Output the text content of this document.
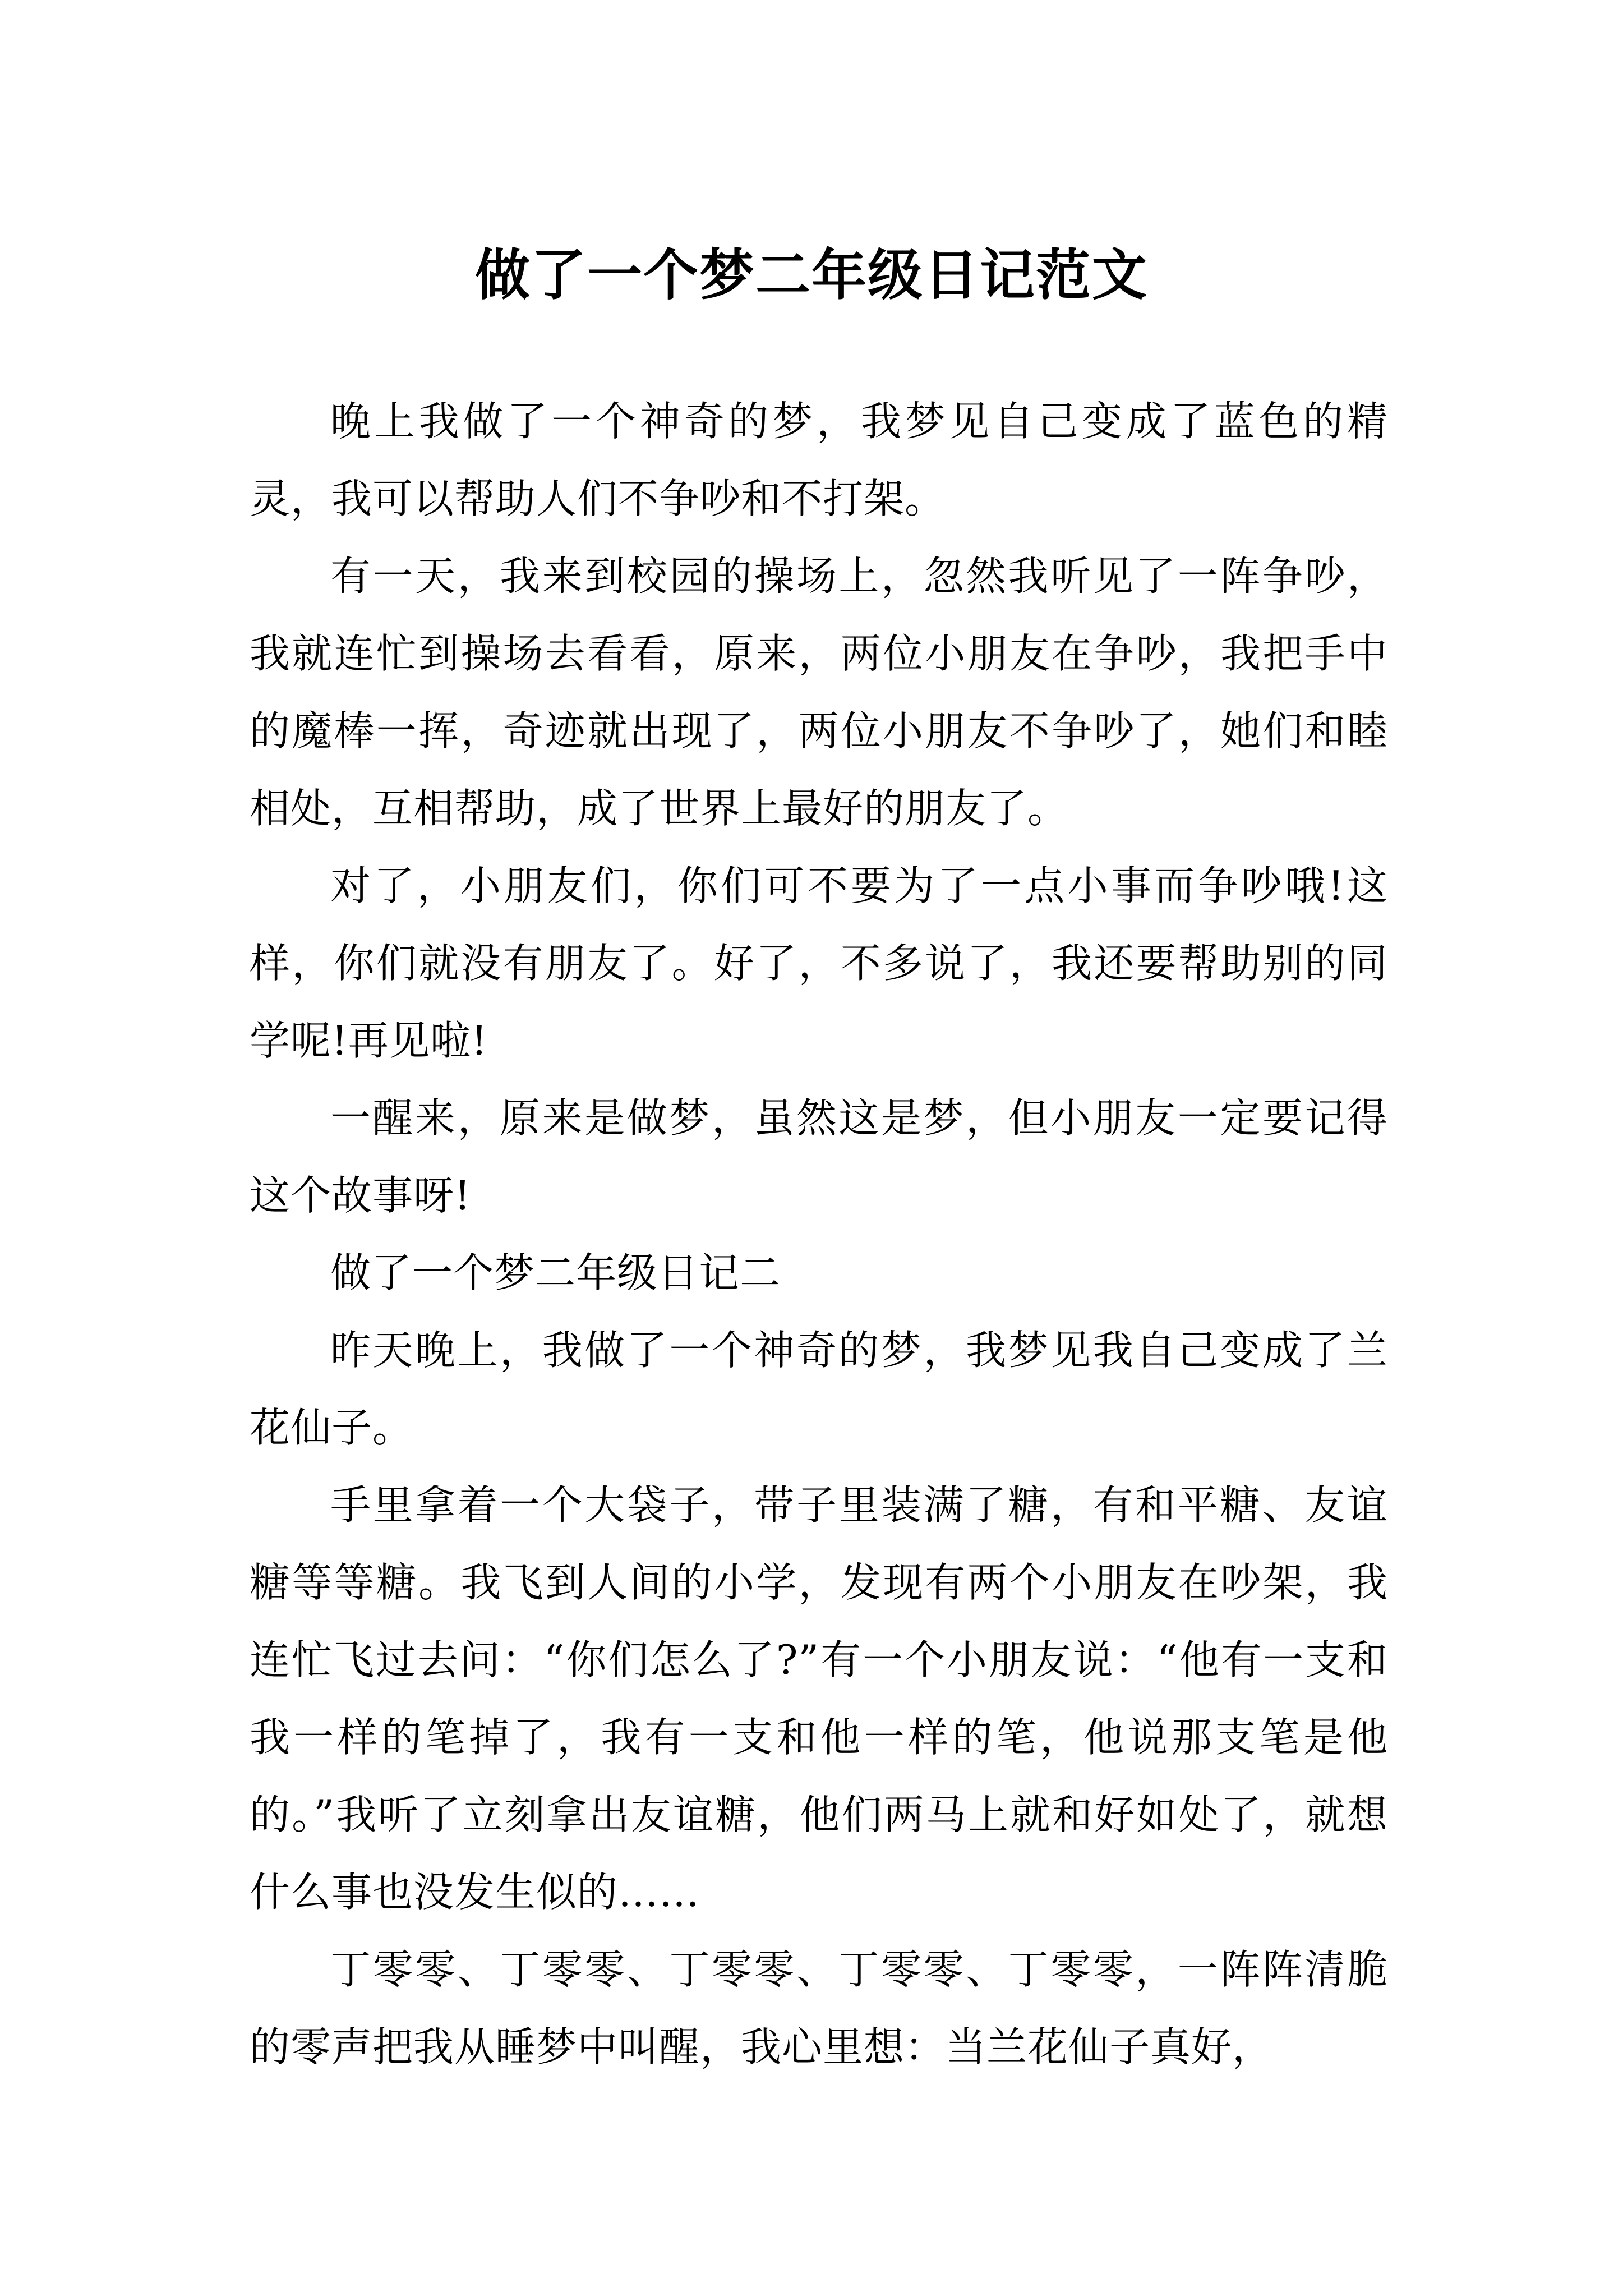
做了一个梦二年级日记范文

晚上我做了一个神奇的梦，我梦见自己变成了蓝色的精灵，我可以帮助人们不争吵和不打架。

有一天，我来到校园的操场上，忽然我听见了一阵争吵，我就连忙到操场去看看，原来，两位小朋友在争吵，我把手中的魔棒一挥，奇迹就出现了，两位小朋友不争吵了，她们和睦相处，互相帮助，成了世界上最好的朋友了。

对了，小朋友们，你们可不要为了一点小事而争吵哦!这样，你们就没有朋友了。好了，不多说了，我还要帮助别的同学呢!再见啦!

一醒来，原来是做梦，虽然这是梦，但小朋友一定要记得这个故事呀!

做了一个梦二年级日记二

昨天晚上，我做了一个神奇的梦，我梦见我自己变成了兰花仙子。

手里拿着一个大袋子，带子里装满了糖，有和平糖、友谊糖等等糖。我飞到人间的小学，发现有两个小朋友在吵架，我连忙飞过去问：“你们怎么了?”有一个小朋友说：“他有一支和我一样的笔掉了，我有一支和他一样的笔，他说那支笔是他的。”我听了立刻拿出友谊糖，他们两马上就和好如处了，就想什么事也没发生似的……

丁零零、丁零零、丁零零、丁零零、丁零零，一阵阵清脆的零声把我从睡梦中叫醒，我心里想：当兰花仙子真好，
